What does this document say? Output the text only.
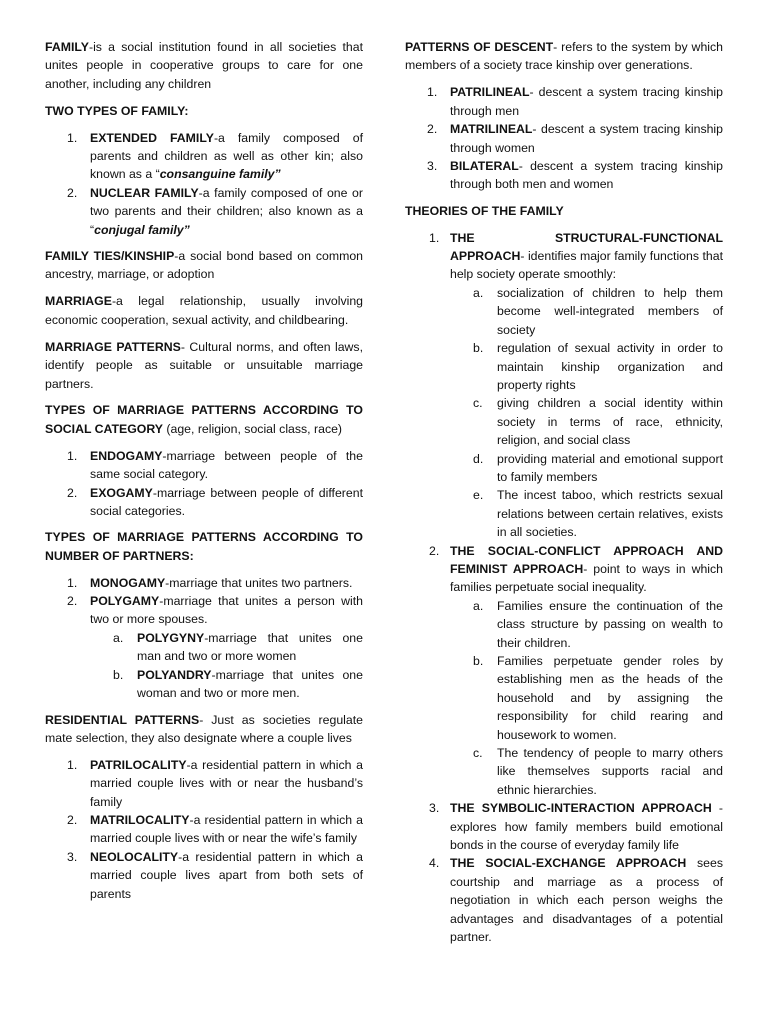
FAMILY-is a social institution found in all societies that unites people in cooperative groups to care for one another, including any children

TWO TYPES OF FAMILY:

1. EXTENDED FAMILY-a family composed of parents and children as well as other kin; also known as a “consanguine family”
2. NUCLEAR FAMILY-a family composed of one or two parents and their children; also known as a “conjugal family”

FAMILY TIES/KINSHIP-a social bond based on common ancestry, marriage, or adoption

MARRIAGE-a legal relationship, usually involving economic cooperation, sexual activity, and childbearing.

MARRIAGE PATTERNS- Cultural norms, and often laws, identify people as suitable or unsuitable marriage partners.

TYPES OF MARRIAGE PATTERNS ACCORDING TO SOCIAL CATEGORY (age, religion, social class, race)

1. ENDOGAMY-marriage between people of the same social category.
2. EXOGAMY-marriage between people of different social categories.

TYPES OF MARRIAGE PATTERNS ACCORDING TO NUMBER OF PARTNERS:

1. MONOGAMY-marriage that unites two partners.
2. POLYGAMY-marriage that unites a person with two or more spouses.
a. POLYGYNY-marriage that unites one man and two or more women
b. POLYANDRY-marriage that unites one woman and two or more men.

RESIDENTIAL PATTERNS- Just as societies regulate mate selection, they also designate where a couple lives

1. PATRILOCALITY-a residential pattern in which a married couple lives with or near the husband’s family
2. MATRILOCALITY-a residential pattern in which a married couple lives with or near the wife’s family
3. NEOLOCALITY-a residential pattern in which a married couple lives apart from both sets of parents

PATTERNS OF DESCENT- refers to the system by which members of a society trace kinship over generations.

1. PATRILINEAL- descent a system tracing kinship through men
2. MATRILINEAL- descent a system tracing kinship through women
3. BILATERAL- descent a system tracing kinship through both men and women

THEORIES OF THE FAMILY

1. THE STRUCTURAL-FUNCTIONAL APPROACH- identifies major family functions that help society operate smoothly:
a. socialization of children to help them become well-integrated members of society
b. regulation of sexual activity in order to maintain kinship organization and property rights
c. giving children a social identity within society in terms of race, ethnicity, religion, and social class
d. providing material and emotional support to family members
e. The incest taboo, which restricts sexual relations between certain relatives, exists in all societies.
2. THE SOCIAL-CONFLICT APPROACH AND FEMINIST APPROACH- point to ways in which families perpetuate social inequality.
a. Families ensure the continuation of the class structure by passing on wealth to their children.
b. Families perpetuate gender roles by establishing men as the heads of the household and by assigning the responsibility for child rearing and housework to women.
c. The tendency of people to marry others like themselves supports racial and ethnic hierarchies.
3. THE SYMBOLIC-INTERACTION APPROACH - explores how family members build emotional bonds in the course of everyday family life
4. THE SOCIAL-EXCHANGE APPROACH sees courtship and marriage as a process of negotiation in which each person weighs the advantages and disadvantages of a potential partner.
